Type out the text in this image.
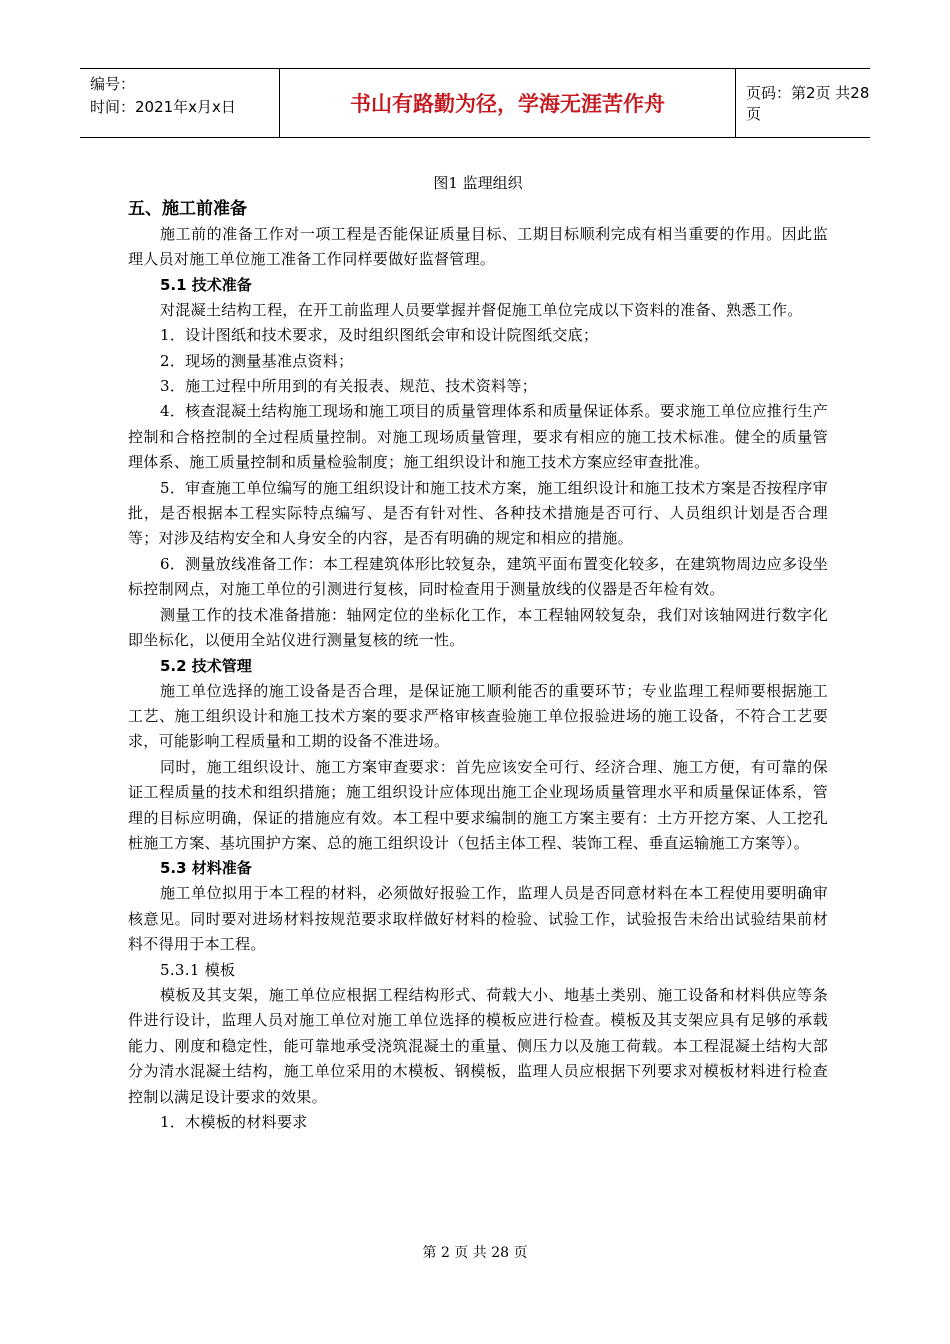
编号：
时间：2021年x月x日	书山有路勤为径，学海无涯苦作舟	页码：第2页 共28页
图1 监理组织
五、施工前准备
施工前的准备工作对一项工程是否能保证质量目标、工期目标顺利完成有相当重要的作用。因此监理人员对施工单位施工准备工作同样要做好监督管理。
5.1 技术准备
对混凝土结构工程，在开工前监理人员要掌握并督促施工单位完成以下资料的准备、熟悉工作。
1．设计图纸和技术要求，及时组织图纸会审和设计院图纸交底；
2．现场的测量基准点资料；
3．施工过程中所用到的有关报表、规范、技术资料等；
4．核查混凝土结构施工现场和施工项目的质量管理体系和质量保证体系。要求施工单位应推行生产控制和合格控制的全过程质量控制。对施工现场质量管理，要求有相应的施工技术标准。健全的质量管理体系、施工质量控制和质量检验制度；施工组织设计和施工技术方案应经审查批准。
5．审查施工单位编写的施工组织设计和施工技术方案，施工组织设计和施工技术方案是否按程序审批，是否根据本工程实际特点编写、是否有针对性、各种技术措施是否可行、人员组织计划是否合理等；对涉及结构安全和人身安全的内容，是否有明确的规定和相应的措施。
6．测量放线准备工作：本工程建筑体形比较复杂，建筑平面布置变化较多，在建筑物周边应多设坐标控制网点，对施工单位的引测进行复核，同时检查用于测量放线的仪器是否年检有效。
测量工作的技术准备措施：轴网定位的坐标化工作，本工程轴网较复杂，我们对该轴网进行数字化即坐标化，以便用全站仪进行测量复核的统一性。
5.2 技术管理
施工单位选择的施工设备是否合理，是保证施工顺利能否的重要环节；专业监理工程师要根据施工工艺、施工组织设计和施工技术方案的要求严格审核查验施工单位报验进场的施工设备，不符合工艺要求，可能影响工程质量和工期的设备不准进场。
同时，施工组织设计、施工方案审查要求：首先应该安全可行、经济合理、施工方便，有可靠的保证工程质量的技术和组织措施；施工组织设计应体现出施工企业现场质量管理水平和质量保证体系，管理的目标应明确，保证的措施应有效。本工程中要求编制的施工方案主要有：土方开挖方案、人工挖孔桩施工方案、基坑围护方案、总的施工组织设计（包括主体工程、装饰工程、垂直运输施工方案等）。
5.3 材料准备
施工单位拟用于本工程的材料，必须做好报验工作，监理人员是否同意材料在本工程使用要明确审核意见。同时要对进场材料按规范要求取样做好材料的检验、试验工作，试验报告未给出试验结果前材料不得用于本工程。
5.3.1 模板
模板及其支架，施工单位应根据工程结构形式、荷载大小、地基土类别、施工设备和材料供应等条件进行设计，监理人员对施工单位对施工单位选择的模板应进行检查。模板及其支架应具有足够的承载能力、刚度和稳定性，能可靠地承受浇筑混凝土的重量、侧压力以及施工荷载。本工程混凝土结构大部分为清水混凝土结构，施工单位采用的木模板、钢模板，监理人员应根据下列要求对模板材料进行检查控制以满足设计要求的效果。
1．木模板的材料要求
第 2 页 共 28 页
